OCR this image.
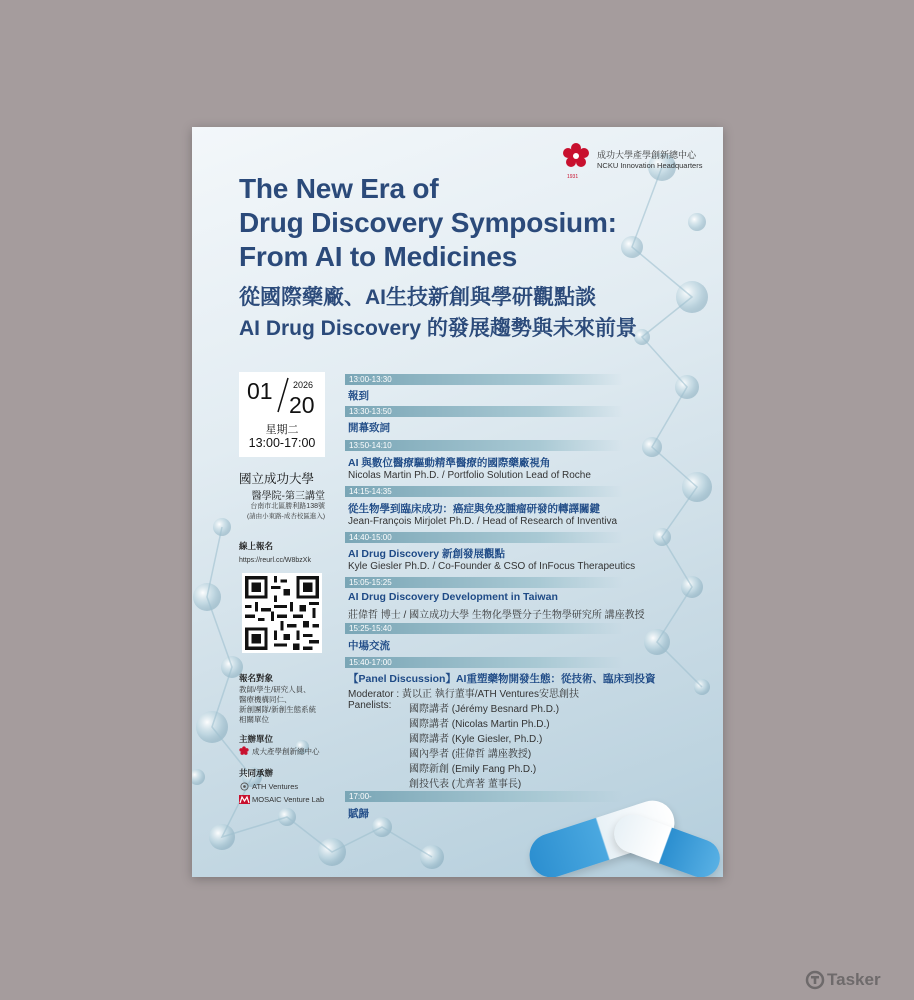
1931
成功大學產學創新總中心
NCKU Innovation Headquarters
The New Era of
Drug Discovery Symposium:
From AI to Medicines
從國際藥廠、AI生技新創與學研觀點談
AI Drug Discovery 的發展趨勢與未來前景
01 2026
20
星期二
13:00-17:00
國立成功大學
醫學院-第三講堂
台南市北區勝利路138號
(請由小東路-成杏校區進入)
線上報名
https://reurl.cc/W8bzXk
報名對象
教師/學生/研究人員、
醫療機構同仁、
新創團隊/新創生態系統
相關單位
主辦單位
成大產學創新總中心
共同承辦
ATH Ventures
MOSAIC Venture Lab
13:00-13:30
報到
13:30-13:50
開幕致詞
13:50-14:10
AI 與數位醫療驅動精準醫療的國際藥廠視角
Nicolas Martin Ph.D. / Portfolio Solution Lead of Roche
14:15-14:35
從生物學到臨床成功：癌症與免疫腫瘤研發的轉譯關鍵
Jean-François Mirjolet Ph.D. / Head of Research of Inventiva
14:40-15:00
AI Drug Discovery 新創發展觀點
Kyle Giesler Ph.D. / Co-Founder & CSO of InFocus Therapeutics
15:05-15:25
AI Drug Discovery Development in Taiwan
莊偉哲 博士 / 國立成功大學 生物化學暨分子生物學研究所 講座教授
15:25-15:40
中場交流
15:40-17:00
【Panel Discussion】AI重塑藥物開發生態：從技術、臨床到投資
Moderator : 黃以正 執行董事/ATH Ventures安思創扶
Panelists: 國際講者 (Jérémy Besnard Ph.D.)
國際講者 (Nicolas Martin Ph.D.)
國際講者 (Kyle Giesler, Ph.D.)
國內學者 (莊偉哲 講座教授)
國際新創 (Emily Fang Ph.D.)
創投代表 (尤齊著 董事長)
17:00-
賦歸
Tasker
